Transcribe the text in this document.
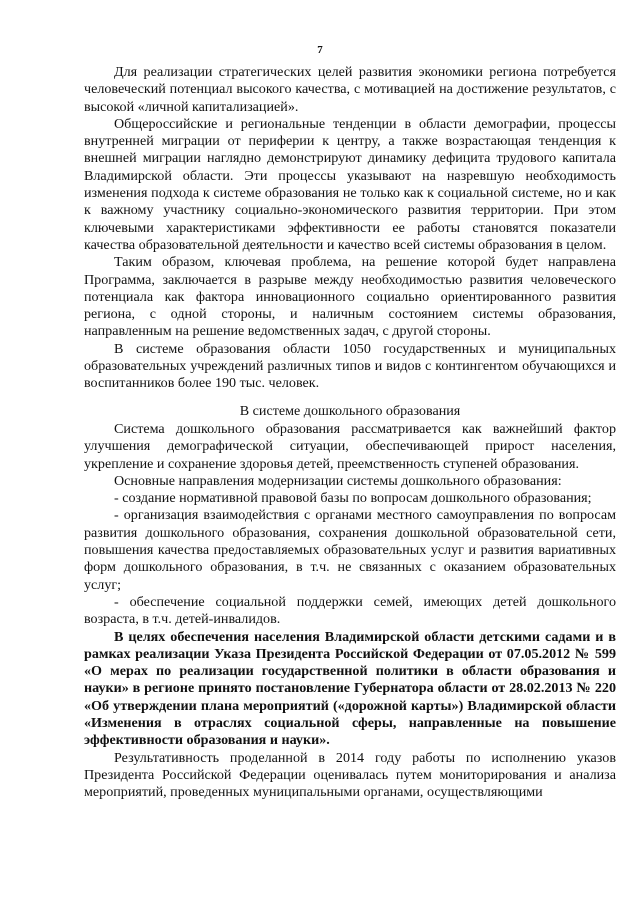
7

Для реализации стратегических целей развития экономики региона потребуется человеческий потенциал высокого качества, с мотивацией на достижение результатов, с высокой «личной капитализацией».

Общероссийские и региональные тенденции в области демографии, процессы внутренней миграции от периферии к центру, а также возрастающая тенденция к внешней миграции наглядно демонстрируют динамику дефицита трудового капитала Владимирской области. Эти процессы указывают на назревшую необходимость изменения подхода к системе образования не только как к социальной системе, но и как к важному участнику социально-экономического развития территории. При этом ключевыми характеристиками эффективности ее работы становятся показатели качества образовательной деятельности и качество всей системы образования в целом.

Таким образом, ключевая проблема, на решение которой будет направлена Программа, заключается в разрыве между необходимостью развития человеческого потенциала как фактора инновационного социально ориентированного развития региона, с одной стороны, и наличным состоянием системы образования, направленным на решение ведомственных задач, с другой стороны.

В системе образования области 1050 государственных и муниципальных образовательных учреждений различных типов и видов с контингентом обучающихся и воспитанников более 190 тыс. человек.

В системе дошкольного образования

Система дошкольного образования рассматривается как важнейший фактор улучшения демографической ситуации, обеспечивающей прирост населения, укрепление и сохранение здоровья детей, преемственность ступеней образования.

Основные направления модернизации системы дошкольного образования:

- создание нормативной правовой базы по вопросам дошкольного образования;

- организация взаимодействия с органами местного самоуправления по вопросам развития дошкольного образования, сохранения дошкольной образовательной сети, повышения качества предоставляемых образовательных услуг и развития вариативных форм дошкольного образования, в т.ч. не связанных с оказанием образовательных услуг;

- обеспечение социальной поддержки семей, имеющих детей дошкольного возраста, в т.ч. детей-инвалидов.

В целях обеспечения населения Владимирской области детскими садами и в рамках реализации Указа Президента Российской Федерации от 07.05.2012 № 599 «О мерах по реализации государственной политики в области образования и науки» в регионе принято постановление Губернатора области от 28.02.2013 № 220 «Об утверждении плана мероприятий («дорожной карты») Владимирской области «Изменения в отраслях социальной сферы, направленные на повышение эффективности образования и науки».

Результативность проделанной в 2014 году работы по исполнению указов Президента Российской Федерации оценивалась путем мониторирования и анализа мероприятий, проведенных муниципальными органами, осуществляющими
